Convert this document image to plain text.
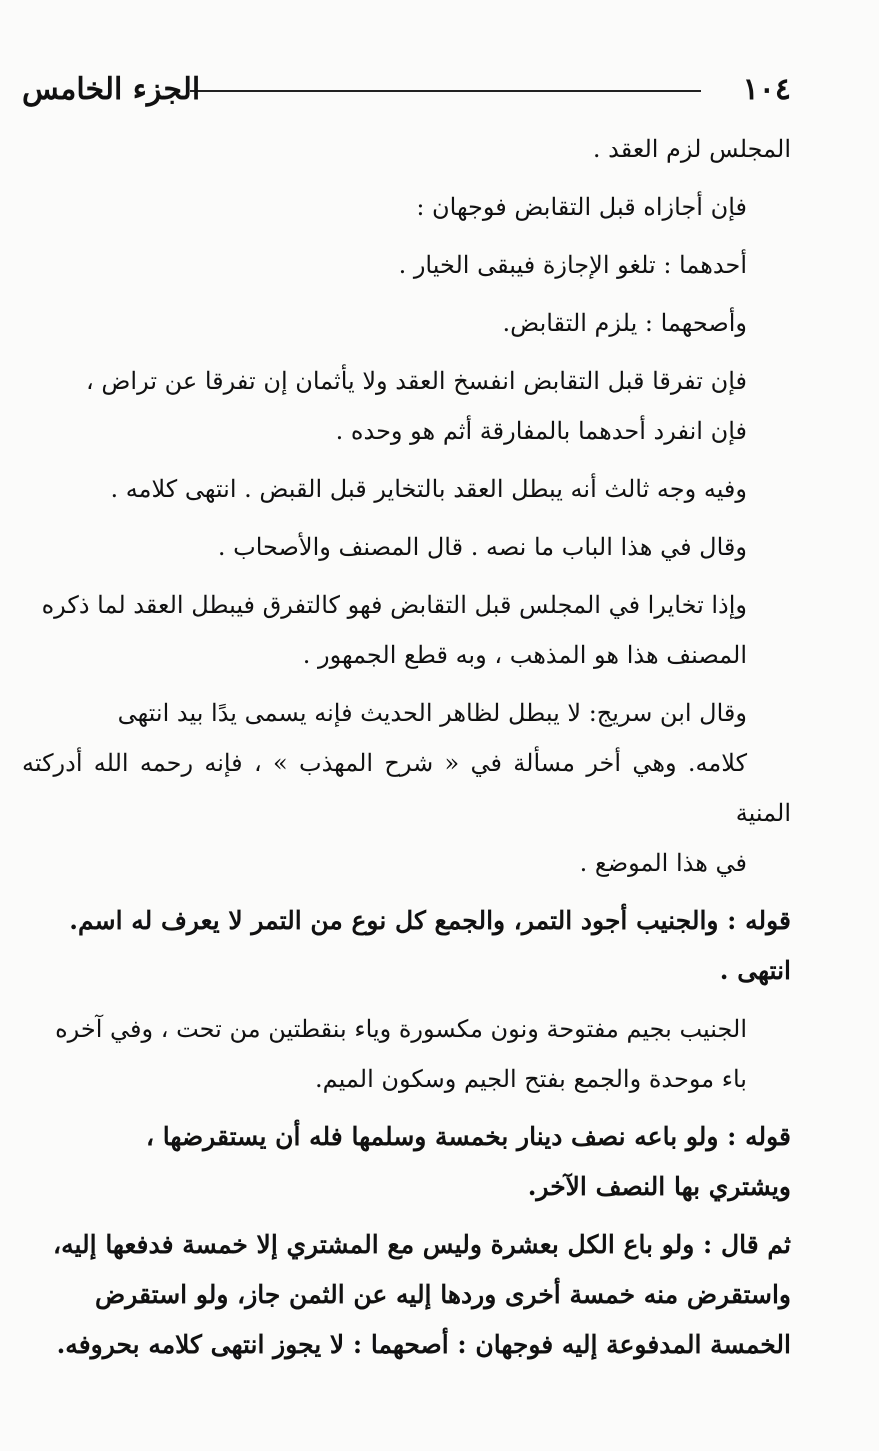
١٠٤
الجزء الخامس
المجلس لزم العقد .
فإن أجازاه قبل التقابض فوجهان :
أحدهما : تلغو الإجازة فيبقى الخيار .
وأصحهما : يلزم التقابض.
فإن تفرقا قبل التقابض انفسخ العقد ولا يأثمان إن تفرقا عن تراض ،
فإن انفرد أحدهما بالمفارقة أثم هو وحده .
وفيه وجه ثالث أنه يبطل العقد بالتخاير قبل القبض . انتهى كلامه .
وقال في هذا الباب ما نصه . قال المصنف والأصحاب .
وإذا تخايرا في المجلس قبل التقابض فهو كالتفرق فيبطل العقد لما ذكره
المصنف هذا هو المذهب ، وبه قطع الجمهور .
وقال ابن سريج: لا يبطل لظاهر الحديث فإنه يسمى يدًا بيد انتهى
كلامه. وهي أخر مسألة في « شرح المهذب » ، فإنه رحمه الله أدركته المنية
في هذا الموضع .
قوله : والجنيب أجود التمر، والجمع كل نوع من التمر لا يعرف له اسم.
انتهى .
الجنيب بجيم مفتوحة ونون مكسورة وياء بنقطتين من تحت ، وفي آخره
باء موحدة والجمع بفتح الجيم وسكون الميم.
قوله : ولو باعه نصف دينار بخمسة وسلمها فله أن يستقرضها ،
ويشتري بها النصف الآخر.
ثم قال : ولو باع الكل بعشرة وليس مع المشتري إلا خمسة فدفعها إليه،
واستقرض منه خمسة أخرى وردها إليه عن الثمن جاز، ولو استقرض
الخمسة المدفوعة إليه فوجهان : أصحهما : لا يجوز انتهى كلامه بحروفه.
